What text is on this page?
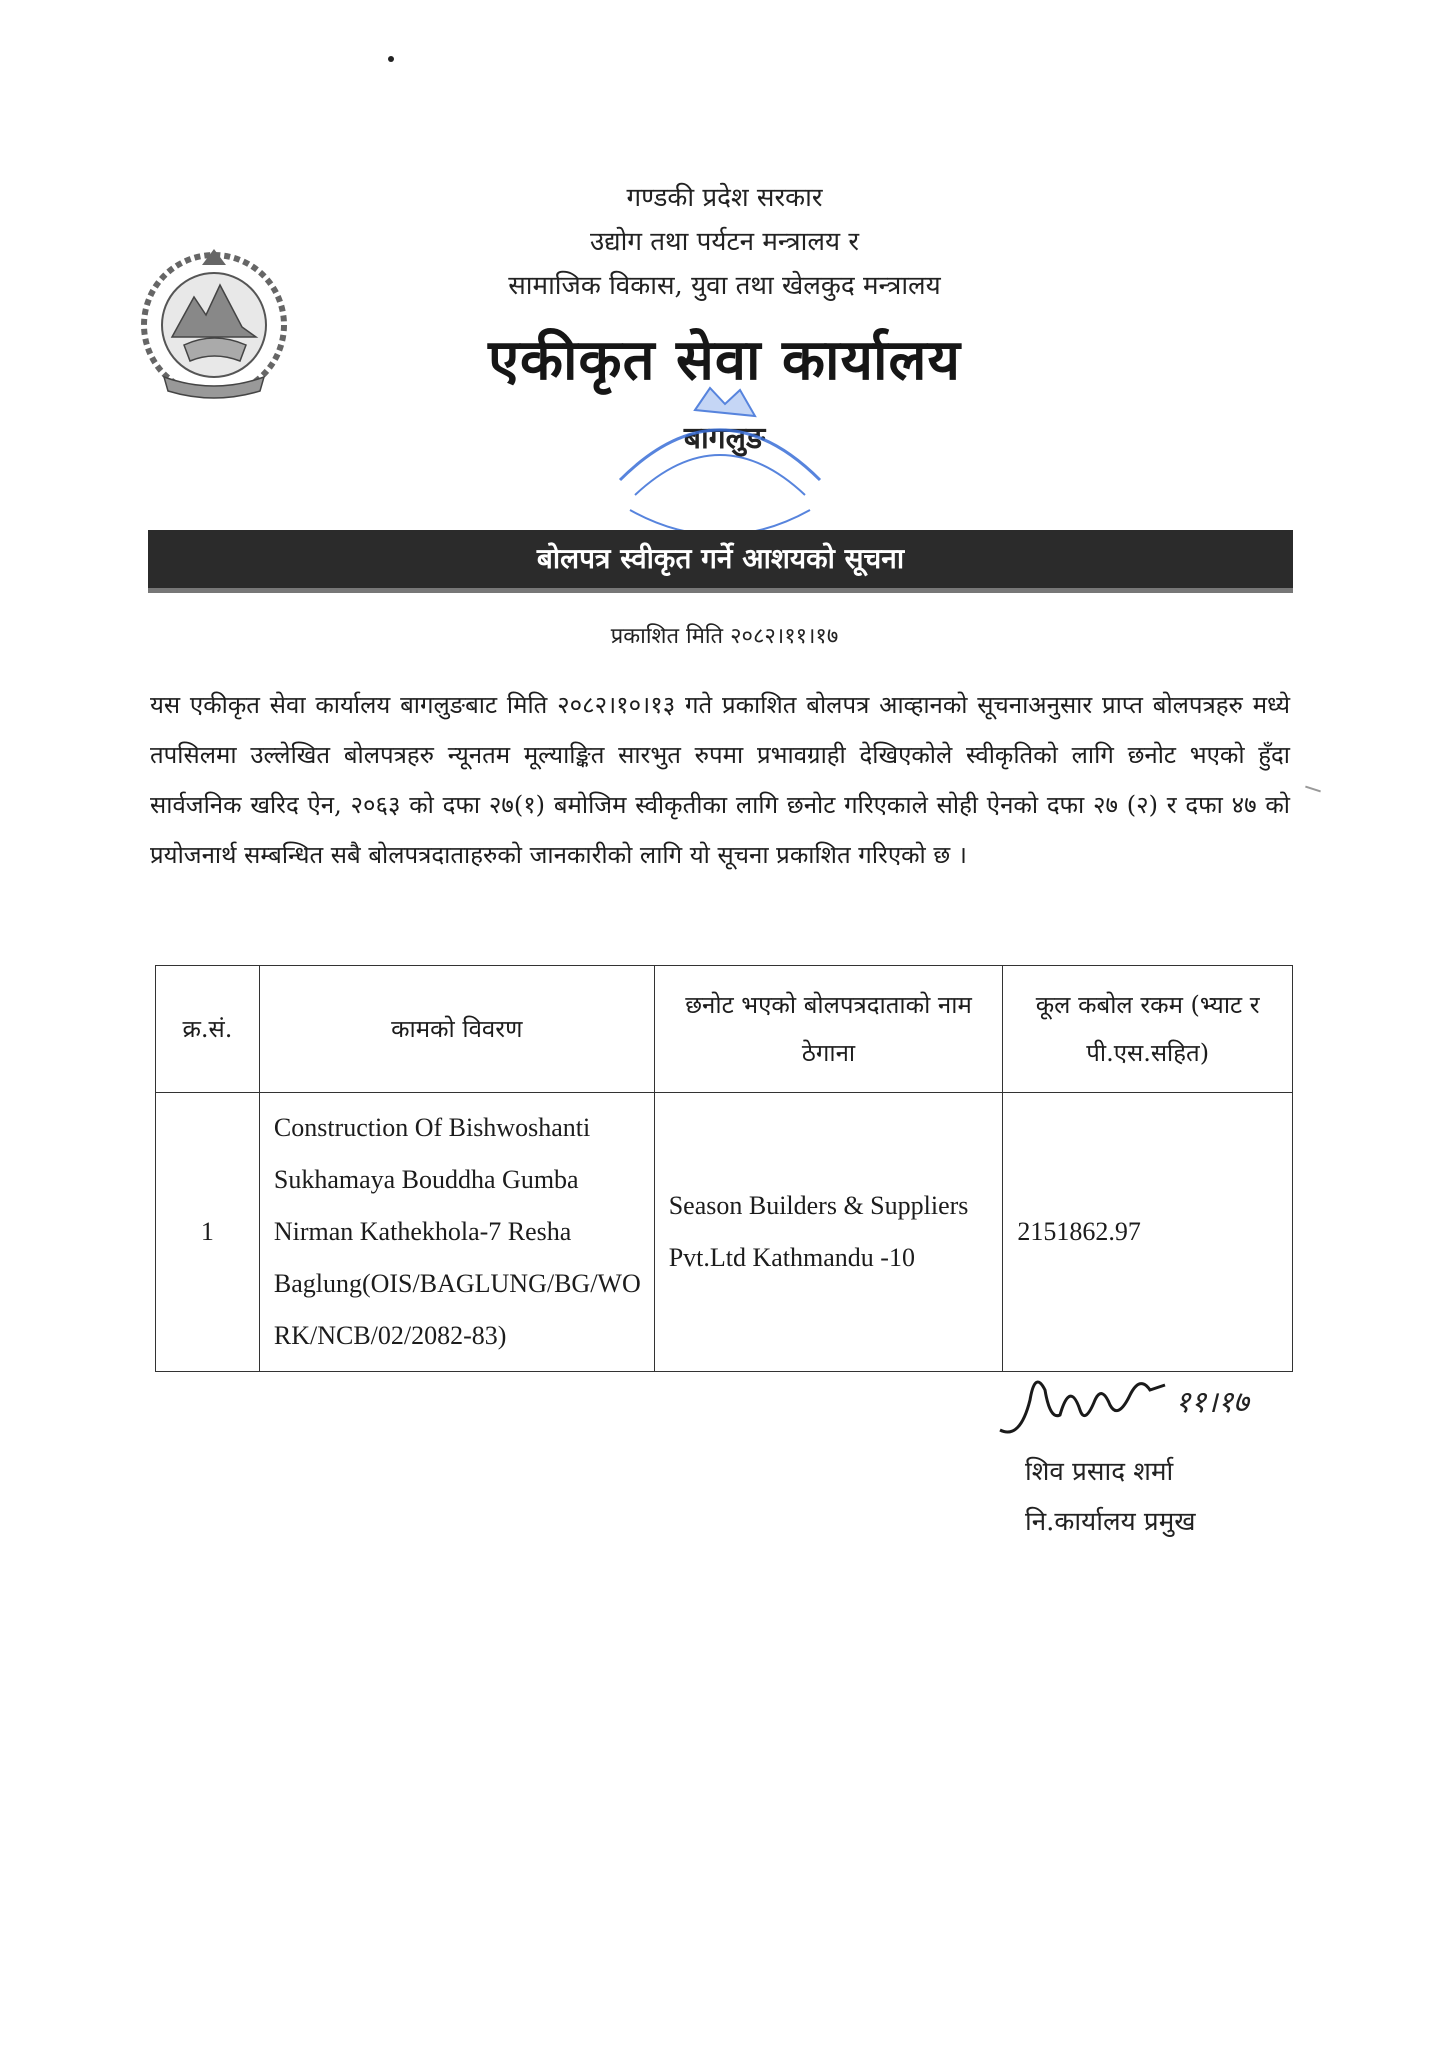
गण्डकी प्रदेश सरकार
उद्योग तथा पर्यटन मन्त्रालय र
सामाजिक विकास, युवा तथा खेलकुद मन्त्रालय
एकीकृत सेवा कार्यालय
बागलुङ
बोलपत्र स्वीकृत गर्ने आशयको सूचना
प्रकाशित मिति २०८२।११।१७
यस एकीकृत सेवा कार्यालय बागलुङबाट मिति २०८२।१०।१३ गते प्रकाशित बोलपत्र आव्हानको सूचनाअनुसार प्राप्त बोलपत्रहरु मध्ये तपसिलमा उल्लेखित बोलपत्रहरु न्यूनतम मूल्याङ्कित सारभुत रुपमा प्रभावग्राही देखिएकोले स्वीकृतिको लागि छनोट भएको हुँदा सार्वजनिक खरिद ऐन, २०६३ को दफा २७(१) बमोजिम स्वीकृतीका लागि छनोट गरिएकाले सोही ऐनको दफा २७ (२) र दफा ४७ को प्रयोजनार्थ सम्बन्धित सबै बोलपत्रदाताहरुको जानकारीको लागि यो सूचना प्रकाशित गरिएको छ ।
क्र.सं.	कामको विवरण	छनोट भएको बोलपत्रदाताको नाम ठेगाना	कूल कबोल रकम (भ्याट र पी.एस.सहित)
1	Construction Of Bishwoshanti Sukhamaya Bouddha Gumba Nirman Kathekhola-7 Resha Baglung(OIS/BAGLUNG/BG/WORK/NCB/02/2082-83)	Season Builders & Suppliers Pvt.Ltd Kathmandu -10	2151862.97
११।१७
शिव प्रसाद शर्मा
नि.कार्यालय प्रमुख
